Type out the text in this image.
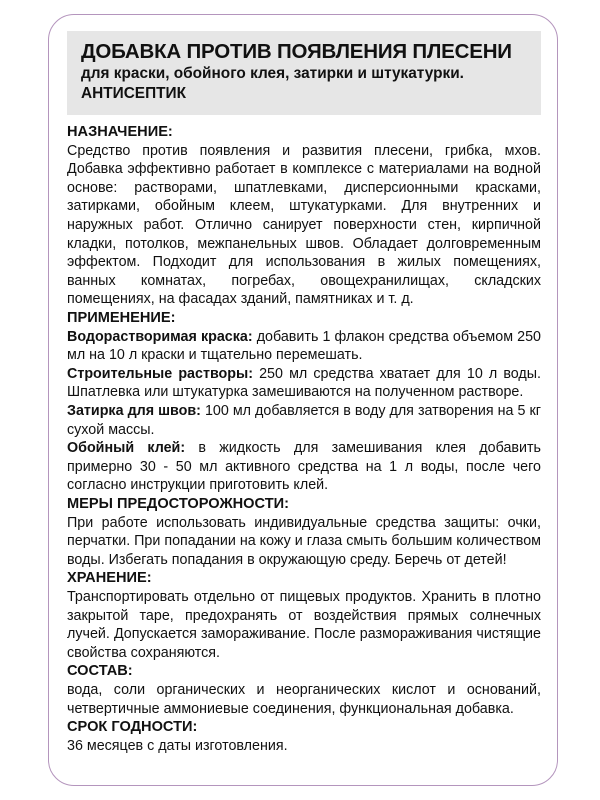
ДОБАВКА ПРОТИВ ПОЯВЛЕНИЯ ПЛЕСЕНИ
для краски, обойного клея, затирки и штукатурки.
АНТИСЕПТИК
НАЗНАЧЕНИЕ:
Средство против появления и развития плесени, грибка, мхов. Добавка эффективно работает в комплексе с материалами на водной основе: растворами, шпатлевками, дисперсионными красками, затирками, обойным клеем, штукатурками. Для внутренних и наружных работ. Отлично санирует поверхности стен, кирпичной кладки, потолков, межпанельных швов. Обладает долговременным эффектом. Подходит для использования в жилых помещениях, ванных комнатах, погребах, овощехранилищах, складских помещениях, на фасадах зданий, памятниках и т. д.
ПРИМЕНЕНИЕ:
Водорастворимая краска: добавить 1 флакон средства объемом 250 мл на 10 л краски и тщательно перемешать.
Строительные растворы: 250 мл средства хватает для 10 л воды. Шпатлевка или штукатурка замешиваются на полученном растворе.
Затирка для швов: 100 мл добавляется в воду для затворения на 5 кг сухой массы.
Обойный клей: в жидкость для замешивания клея добавить примерно 30 - 50 мл активного средства на 1 л воды, после чего согласно инструкции приготовить клей.
МЕРЫ ПРЕДОСТОРОЖНОСТИ:
При работе использовать индивидуальные средства защиты: очки, перчатки. При попадании на кожу и глаза смыть большим количеством воды. Избегать попадания в окружающую среду. Беречь от детей!
ХРАНЕНИЕ:
Транспортировать отдельно от пищевых продуктов. Хранить в плотно закрытой таре, предохранять от воздействия прямых солнечных лучей. Допускается замораживание. После размораживания чистящие свойства сохраняются.
СОСТАВ:
вода, соли органических и неорганических кислот и оснований, четвертичные аммониевые соединения, функциональная добавка.
СРОК ГОДНОСТИ:
36 месяцев с даты изготовления.
